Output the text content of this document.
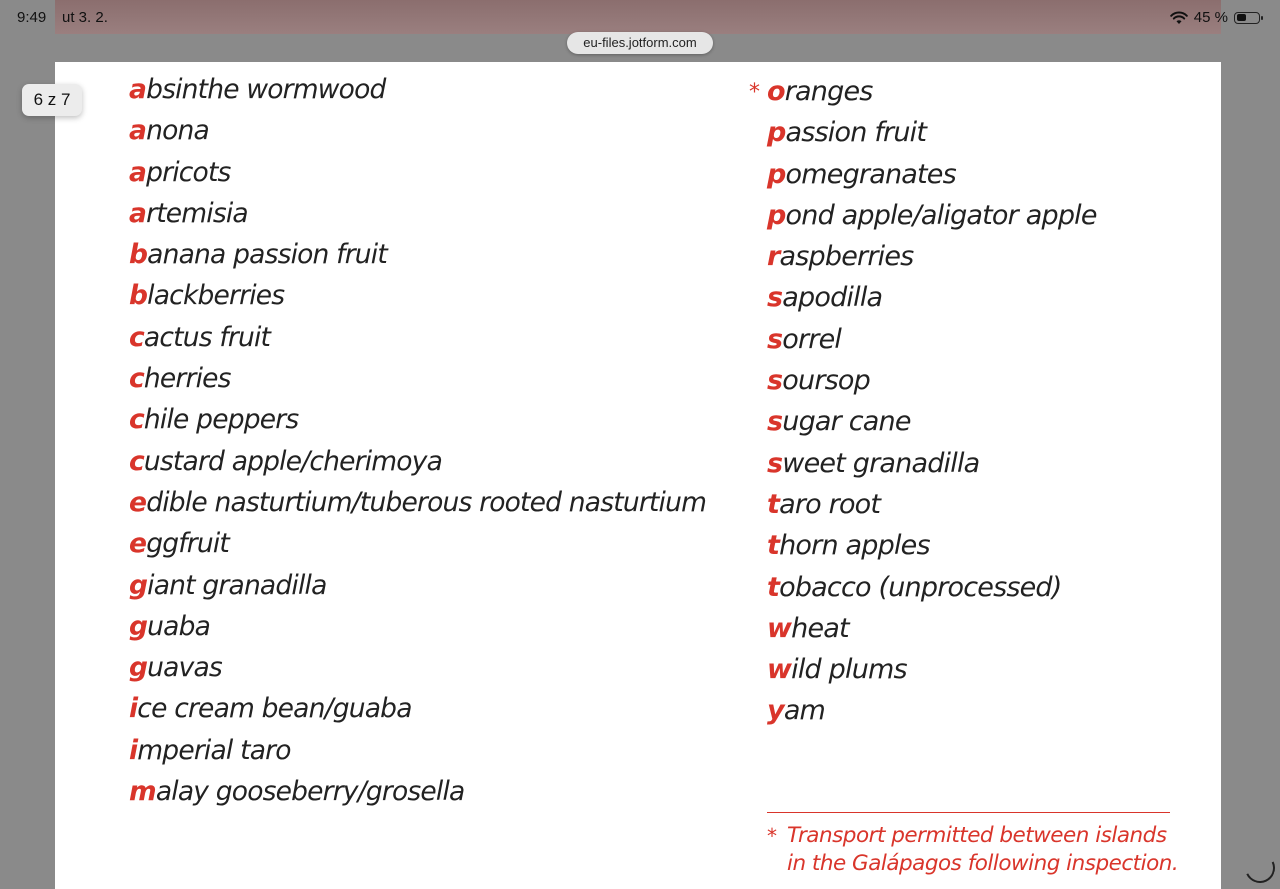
9:49 ut 3. 2.	45 %
eu-files.jotform.com
6 z 7	absinthe wormwood
anona
apricots
artemisia
banana passion fruit
blackberries
cactus fruit
cherries
chile peppers
custard apple/cherimoya
edible nasturtium/tuberous rooted nasturtium
eggfruit
giant granadilla
guaba
guavas
ice cream bean/guaba
imperial taro
malay gooseberry/grosella
* oranges
passion fruit
pomegranates
pond apple/aligator apple
raspberries
sapodilla
sorrel
soursop
sugar cane
sweet granadilla
taro root
thorn apples
tobacco (unprocessed)
wheat
wild plums
yam
* Transport permitted between islands
in the Galápagos following inspection.
